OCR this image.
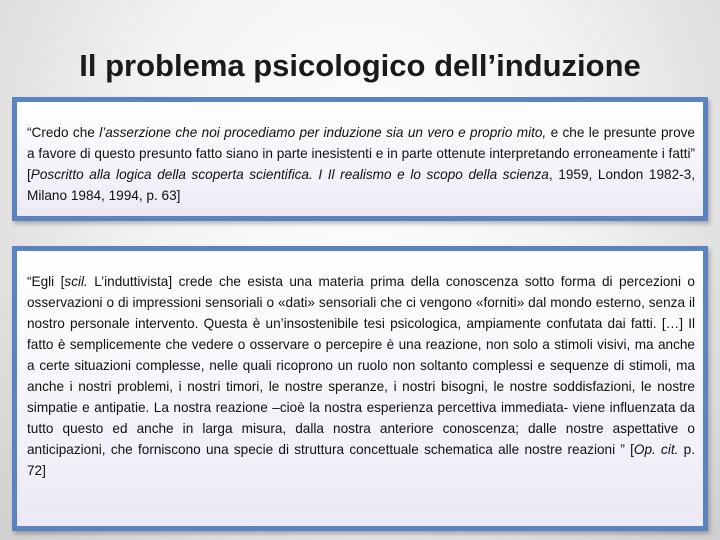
Il problema psicologico dell’induzione

“Credo che l’asserzione che noi procediamo per induzione sia un vero e proprio mito, e che le presunte prove a favore di questo presunto fatto siano in parte inesistenti e in parte ottenute interpretando erroneamente i fatti” [Poscritto alla logica della scoperta scientifica. I Il realismo e lo scopo della scienza, 1959, London 1982-3, Milano 1984, 1994, p. 63]

“Egli [scil. L’induttivista] crede che esista una materia prima della conoscenza sotto forma di percezioni o osservazioni o di impressioni sensoriali o «dati» sensoriali che ci vengono «forniti» dal mondo esterno, senza il nostro personale intervento. Questa è un’insostenibile tesi psicologica, ampiamente confutata dai fatti. […] Il fatto è semplicemente che vedere o osservare o percepire è una reazione, non solo a stimoli visivi, ma anche a certe situazioni complesse, nelle quali ricoprono un ruolo non soltanto complessi e sequenze di stimoli, ma anche i nostri problemi, i nostri timori, le nostre speranze, i nostri bisogni, le nostre soddisfazioni, le nostre simpatie e antipatie. La nostra reazione –cioè la nostra esperienza percettiva immediata- viene influenzata da tutto questo ed anche in larga misura, dalla nostra anteriore conoscenza; dalle nostre aspettative o anticipazioni, che forniscono una specie di struttura concettuale schematica alle nostre reazioni ” [Op. cit. p. 72]
